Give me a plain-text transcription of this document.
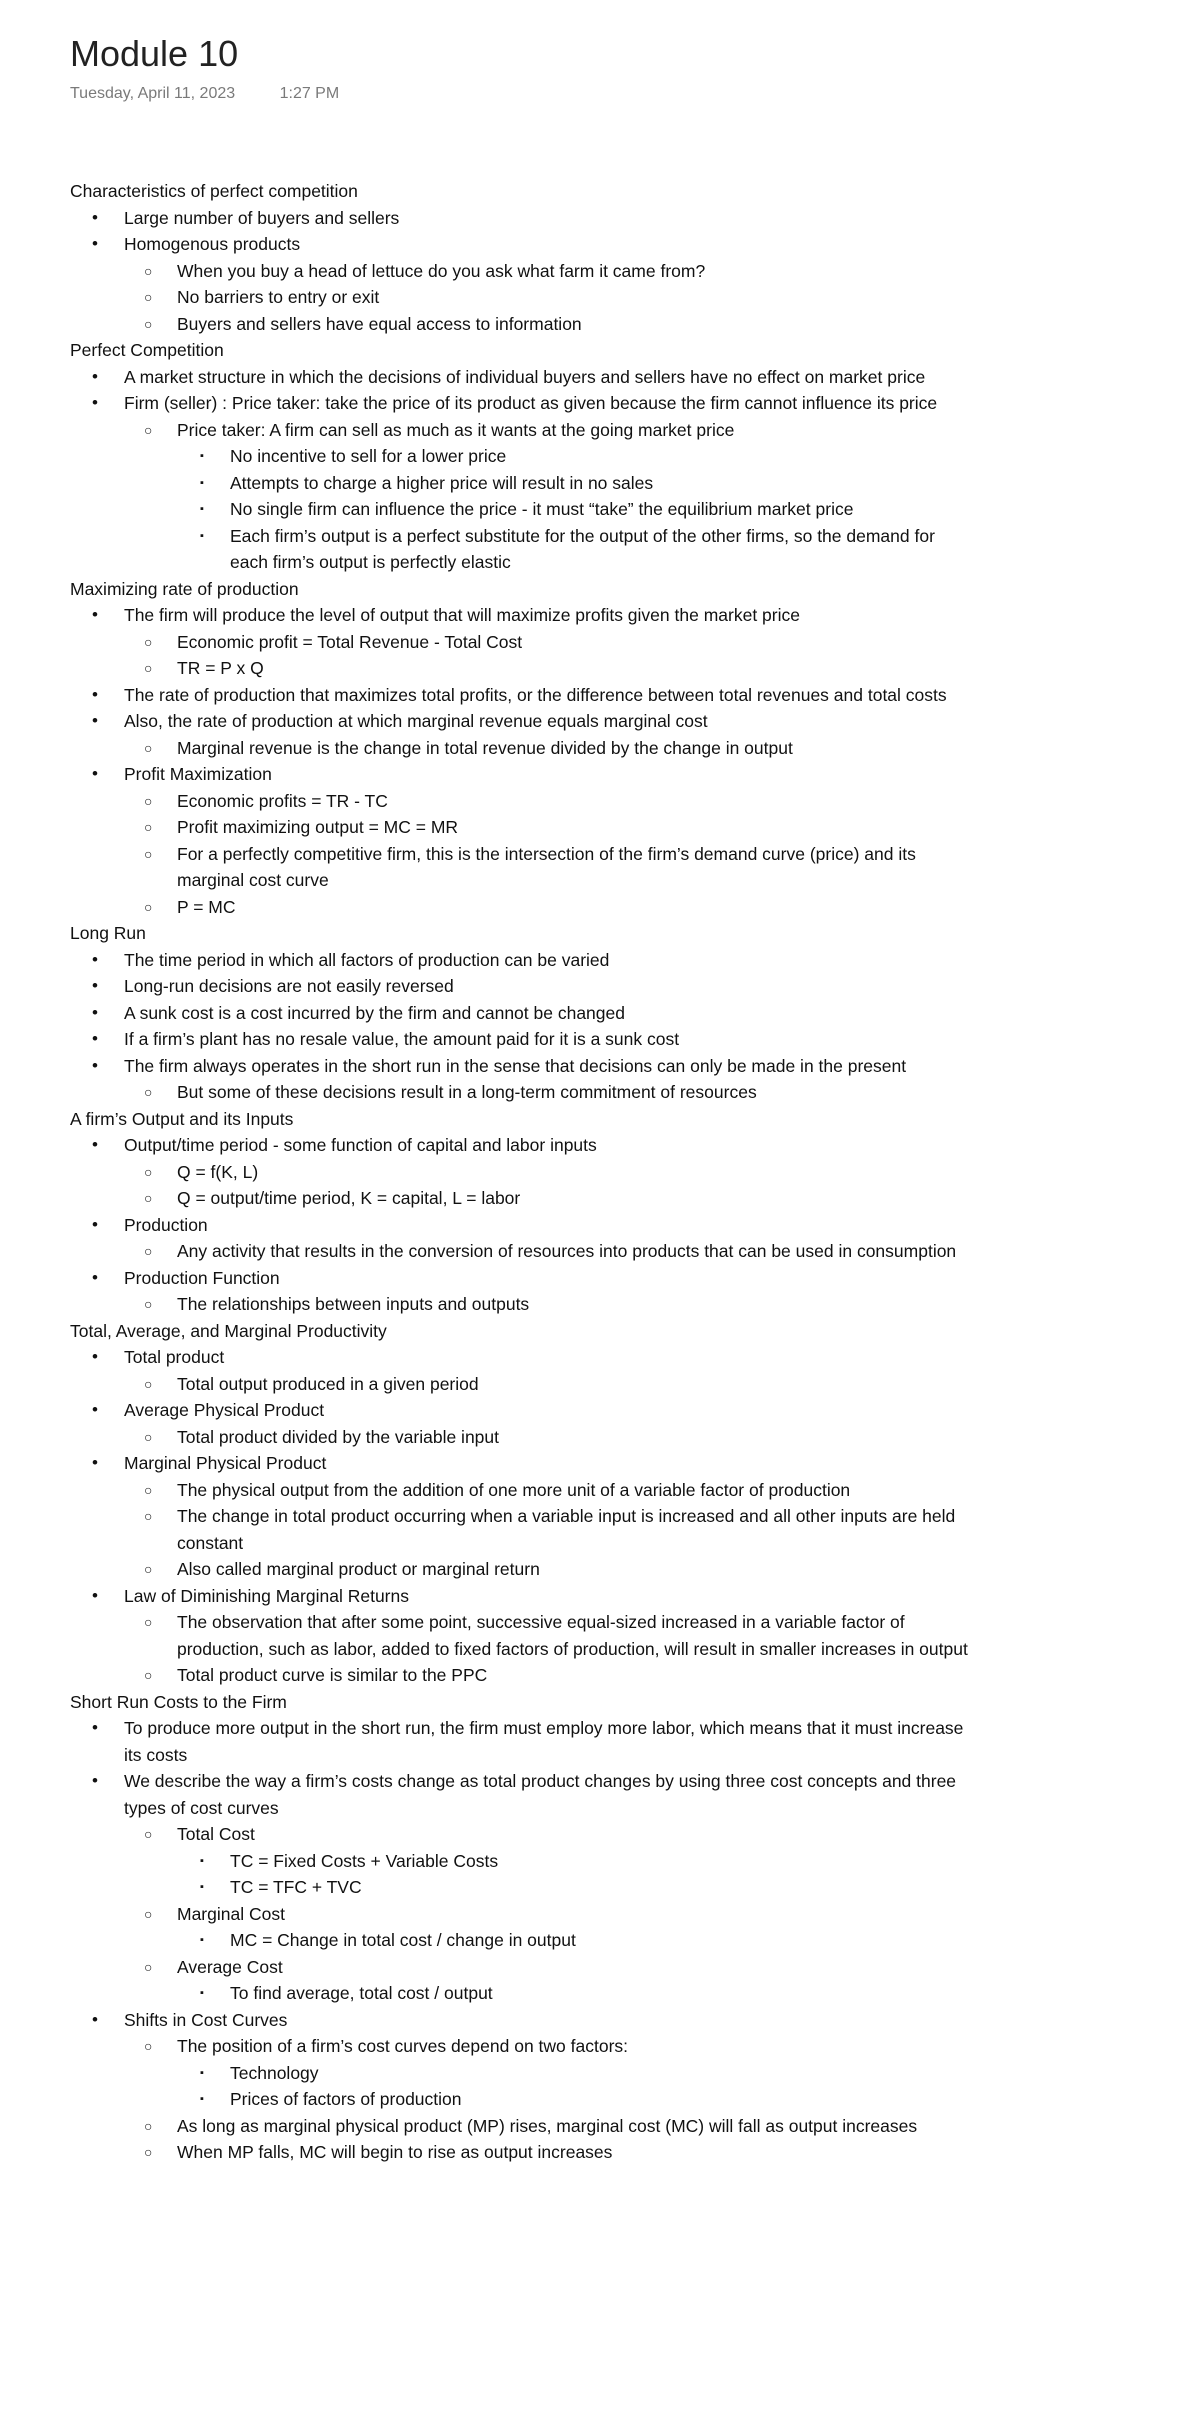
Module 10
Tuesday, April 11, 2023	1:27 PM
Characteristics of perfect competition
• Large number of buyers and sellers
• Homogenous products
○ When you buy a head of lettuce do you ask what farm it came from?
○ No barriers to entry or exit
○ Buyers and sellers have equal access to information
Perfect Competition
• A market structure in which the decisions of individual buyers and sellers have no effect on market price
• Firm (seller) : Price taker: take the price of its product as given because the firm cannot influence its price
○ Price taker: A firm can sell as much as it wants at the going market price
▪ No incentive to sell for a lower price
▪ Attempts to charge a higher price will result in no sales
▪ No single firm can influence the price - it must “take” the equilibrium market price
▪ Each firm’s output is a perfect substitute for the output of the other firms, so the demand for each firm’s output is perfectly elastic
Maximizing rate of production
• The firm will produce the level of output that will maximize profits given the market price
○ Economic profit = Total Revenue - Total Cost
○ TR = P x Q
• The rate of production that maximizes total profits, or the difference between total revenues and total costs
• Also, the rate of production at which marginal revenue equals marginal cost
○ Marginal revenue is the change in total revenue divided by the change in output
• Profit Maximization
○ Economic profits = TR - TC
○ Profit maximizing output = MC = MR
○ For a perfectly competitive firm, this is the intersection of the firm’s demand curve (price) and its marginal cost curve
○ P = MC
Long Run
• The time period in which all factors of production can be varied
• Long-run decisions are not easily reversed
• A sunk cost is a cost incurred by the firm and cannot be changed
• If a firm’s plant has no resale value, the amount paid for it is a sunk cost
• The firm always operates in the short run in the sense that decisions can only be made in the present
○ But some of these decisions result in a long-term commitment of resources
A firm’s Output and its Inputs
• Output/time period - some function of capital and labor inputs
○ Q = f(K, L)
○ Q = output/time period, K = capital, L = labor
• Production
○ Any activity that results in the conversion of resources into products that can be used in consumption
• Production Function
○ The relationships between inputs and outputs
Total, Average, and Marginal Productivity
• Total product
○ Total output produced in a given period
• Average Physical Product
○ Total product divided by the variable input
• Marginal Physical Product
○ The physical output from the addition of one more unit of a variable factor of production
○ The change in total product occurring when a variable input is increased and all other inputs are held constant
○ Also called marginal product or marginal return
• Law of Diminishing Marginal Returns
○ The observation that after some point, successive equal-sized increased in a variable factor of production, such as labor, added to fixed factors of production, will result in smaller increases in output
○ Total product curve is similar to the PPC
Short Run Costs to the Firm
• To produce more output in the short run, the firm must employ more labor, which means that it must increase its costs
• We describe the way a firm’s costs change as total product changes by using three cost concepts and three types of cost curves
○ Total Cost
▪ TC = Fixed Costs + Variable Costs
▪ TC = TFC + TVC
○ Marginal Cost
▪ MC = Change in total cost / change in output
○ Average Cost
▪ To find average, total cost / output
• Shifts in Cost Curves
○ The position of a firm’s cost curves depend on two factors:
▪ Technology
▪ Prices of factors of production
○ As long as marginal physical product (MP) rises, marginal cost (MC) will fall as output increases
○ When MP falls, MC will begin to rise as output increases
